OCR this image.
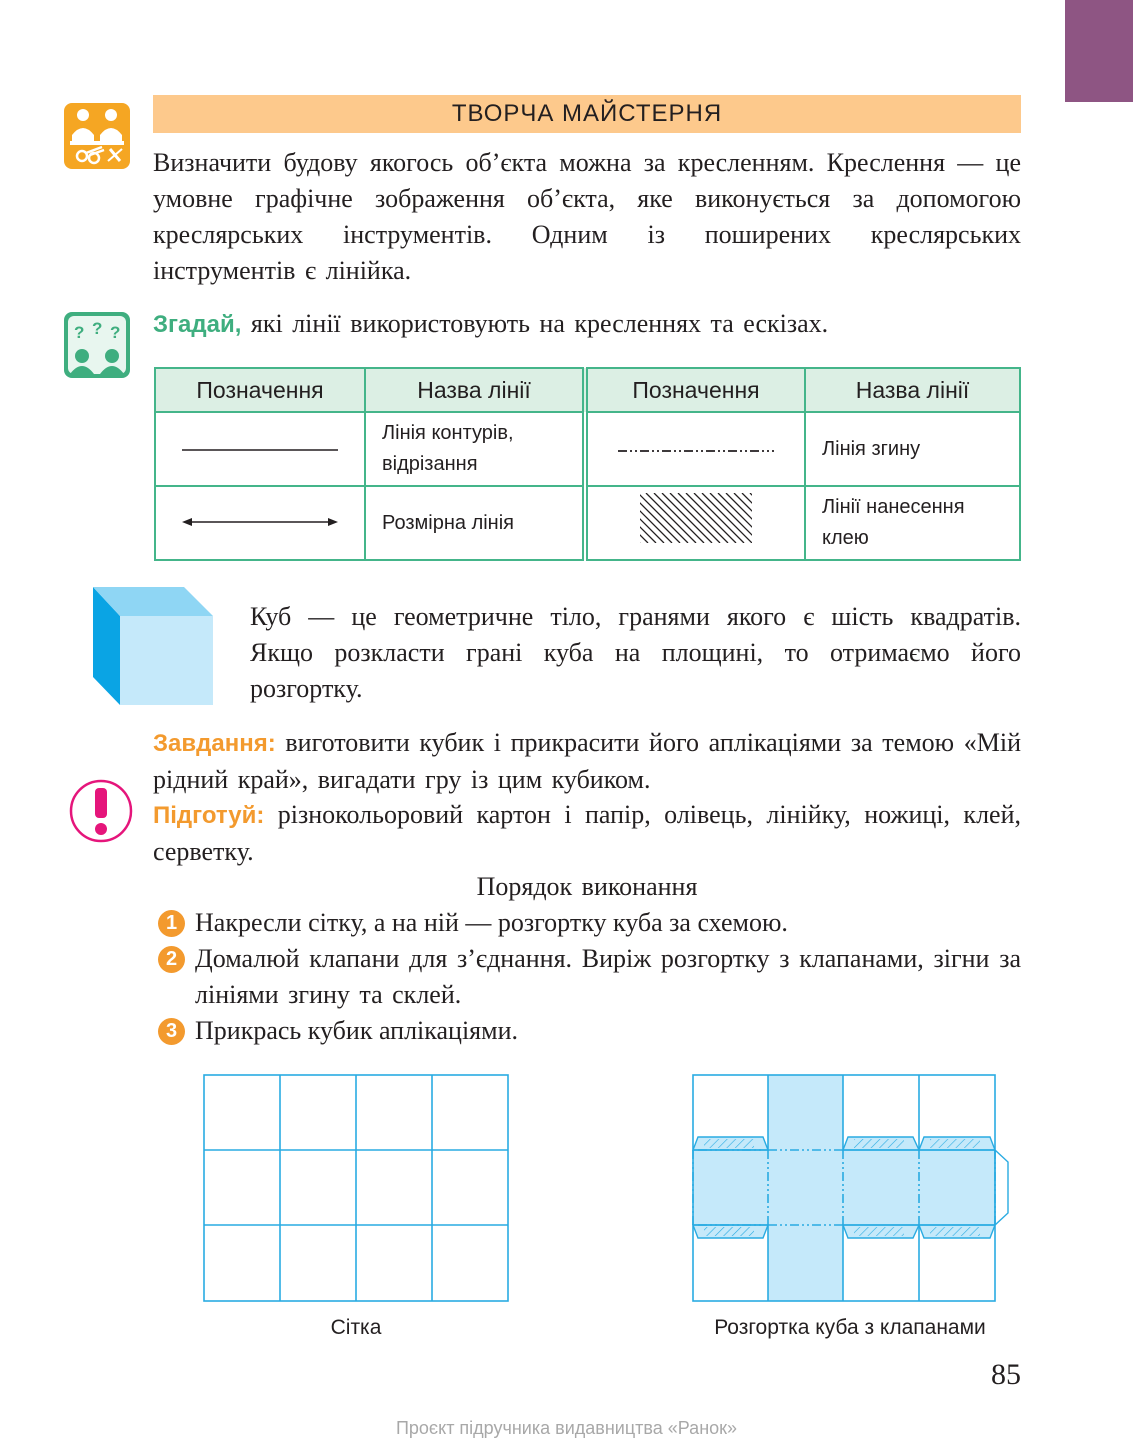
ТВОРЧА МАЙСТЕРНЯ
Визначити будову якогось об’єкта можна за кресленням. Креслення — це умовне графічне зображення об’єкта, яке виконується за допомогою креслярських інструментів. Одним із поширених креслярських інструментів є лінійка.
? ? ? Згадай, які лінії використовують на кресленнях та ескізах.
Позначення	Назва лінії		Позначення	Назва лінії
	Лінія контурів, відрізання			Лінія згину
	Розмірна лінія			Лінії нанесення клею
Куб — це геометричне тіло, гранями якого є шість квадратів. Якщо розкласти грані куба на площині, то отримаємо його розгортку.
Завдання: виготовити кубик і прикрасити його аплікаціями за темою «Мій рідний край», вигадати гру із цим кубиком.
Підготуй: різнокольоровий картон і папір, олівець, лінійку, ножиці, клей, серветку.
Порядок виконання
1 Накресли сітку, а на ній — розгортку куба за схемою.
2 Домалюй клапани для з’єднання. Виріж розгортку з клапанами, зігни за лініями згину та склей.
3 Прикрась кубик аплікаціями.
Сітка	Розгортка куба з клапанами
85
Проєкт підручника видавництва «Ранок»
